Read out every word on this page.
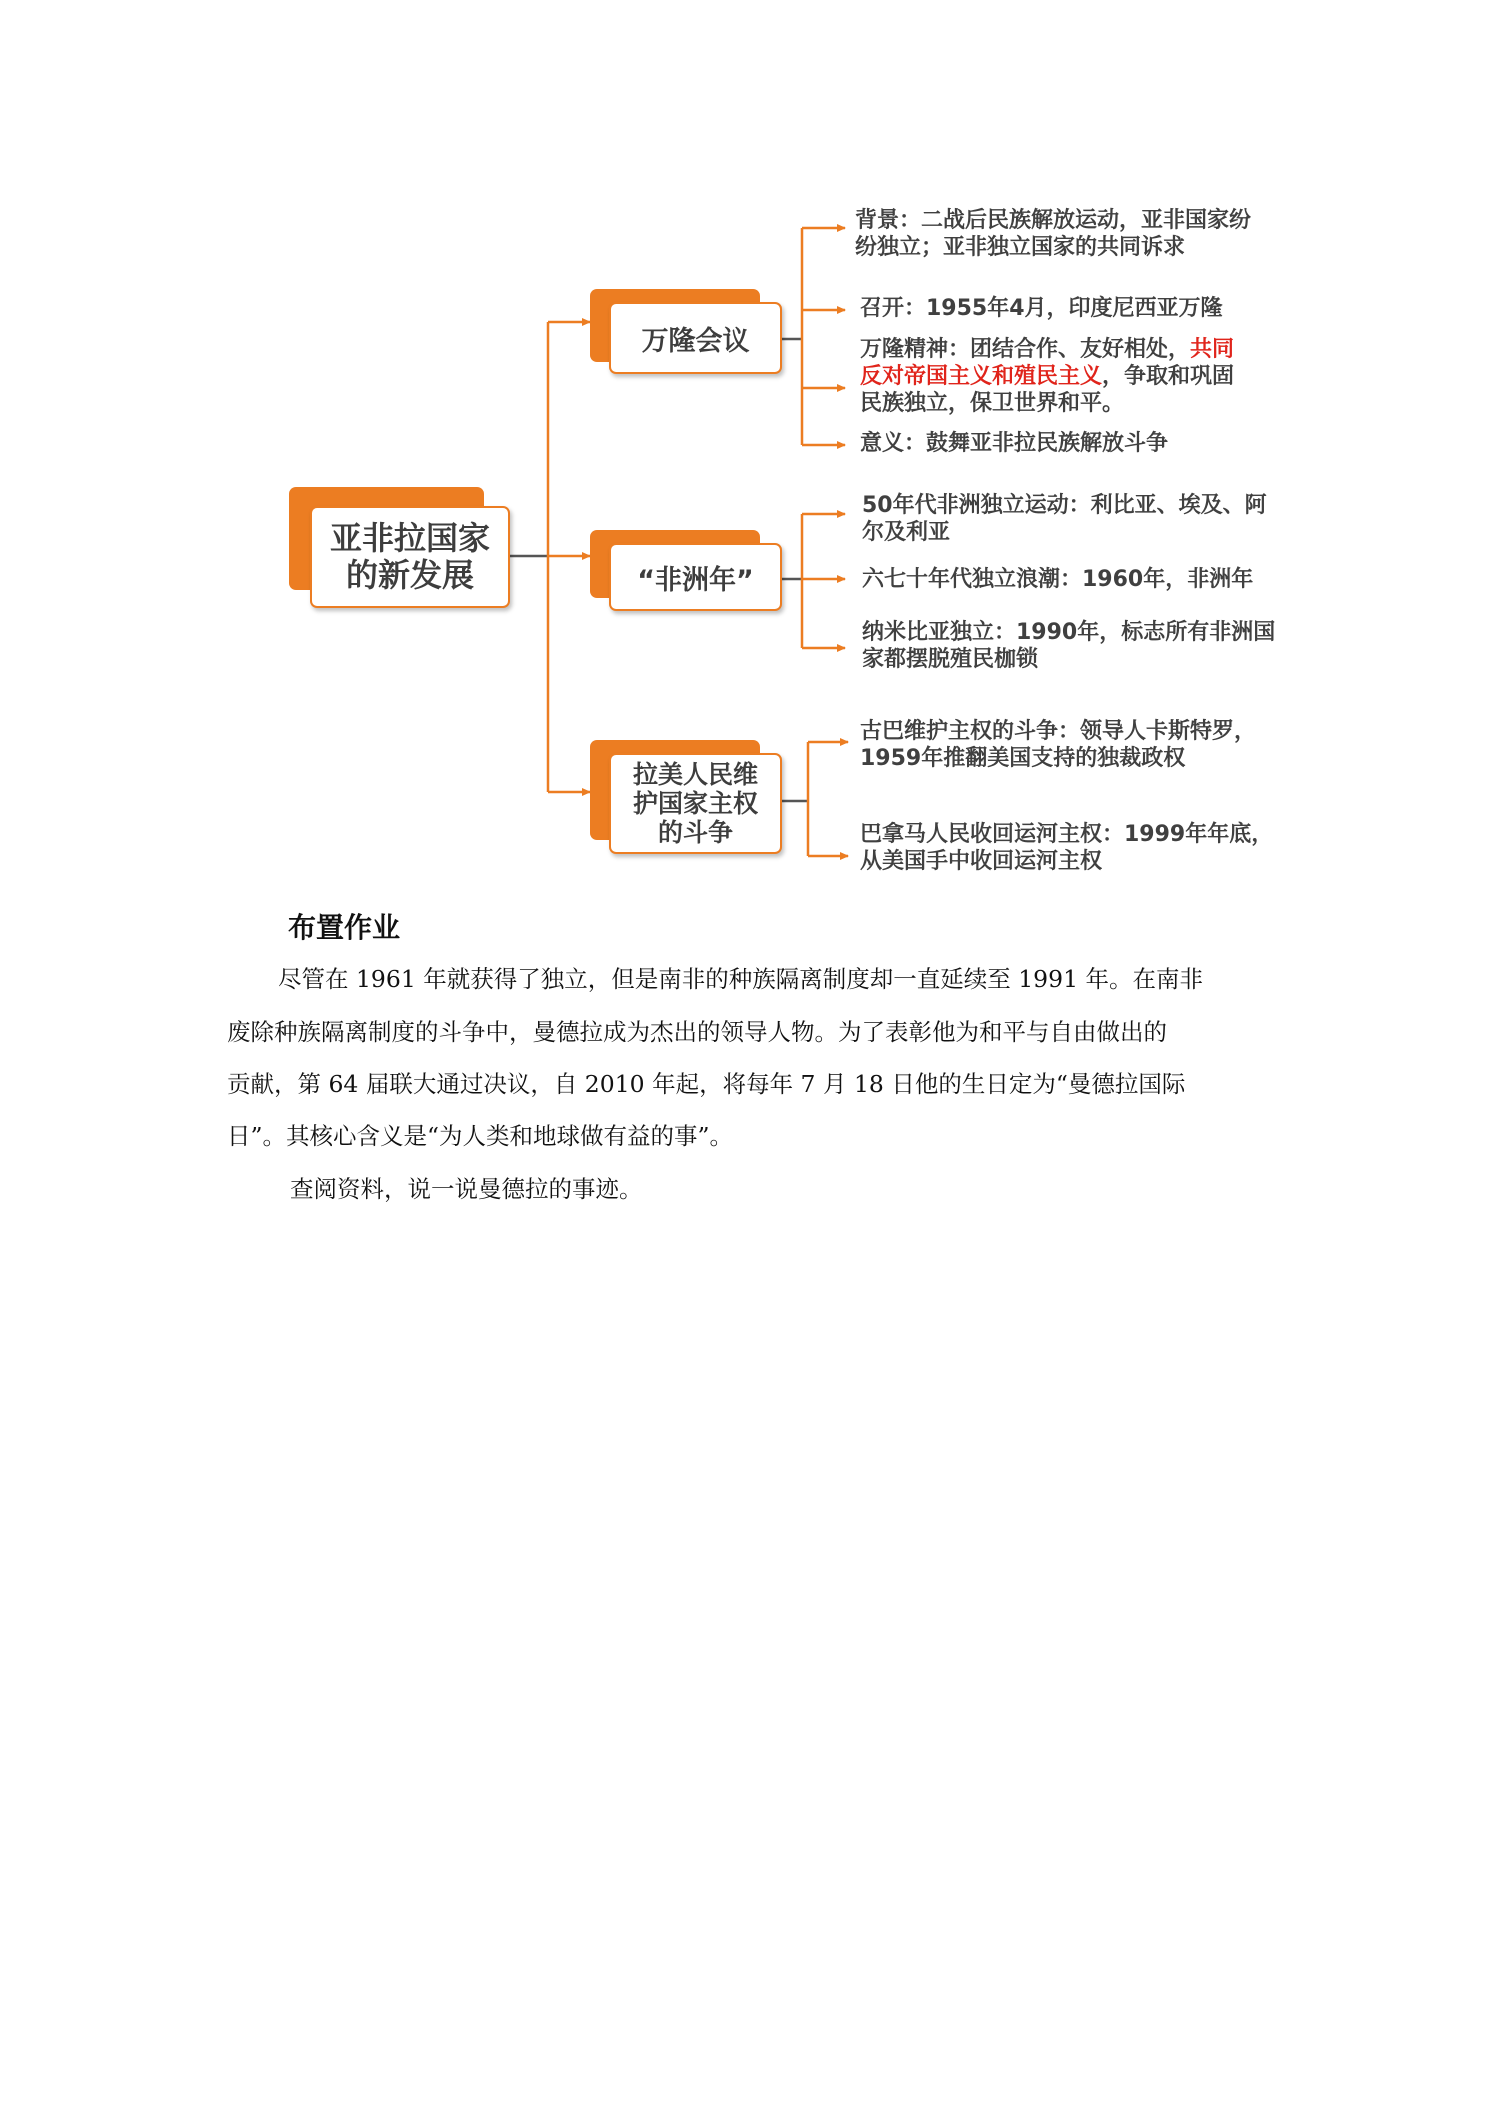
亚非拉国家
的新发展
万隆会议
“非洲年”
拉美人民维
护国家主权
的斗争
背景：二战后民族解放运动，亚非国家纷
纷独立；亚非独立国家的共同诉求
召开：1955年4月，印度尼西亚万隆
万隆精神：团结合作、友好相处，共同
反对帝国主义和殖民主义，争取和巩固
民族独立，保卫世界和平。
意义：鼓舞亚非拉民族解放斗争
50年代非洲独立运动：利比亚、埃及、阿
尔及利亚
六七十年代独立浪潮：1960年，非洲年
纳米比亚独立：1990年，标志所有非洲国
家都摆脱殖民枷锁
古巴维护主权的斗争：领导人卡斯特罗，
1959年推翻美国支持的独裁政权
巴拿马人民收回运河主权：1999年年底，
从美国手中收回运河主权
布置作业
尽管在 1961 年就获得了独立，但是南非的种族隔离制度却一直延续至 1991 年。在南非
废除种族隔离制度的斗争中，曼德拉成为杰出的领导人物。为了表彰他为和平与自由做出的
贡献，第 64 届联大通过决议，自 2010 年起，将每年 7 月 18 日他的生日定为“曼德拉国际
日”。其核心含义是“为人类和地球做有益的事”。
查阅资料，说一说曼德拉的事迹。
